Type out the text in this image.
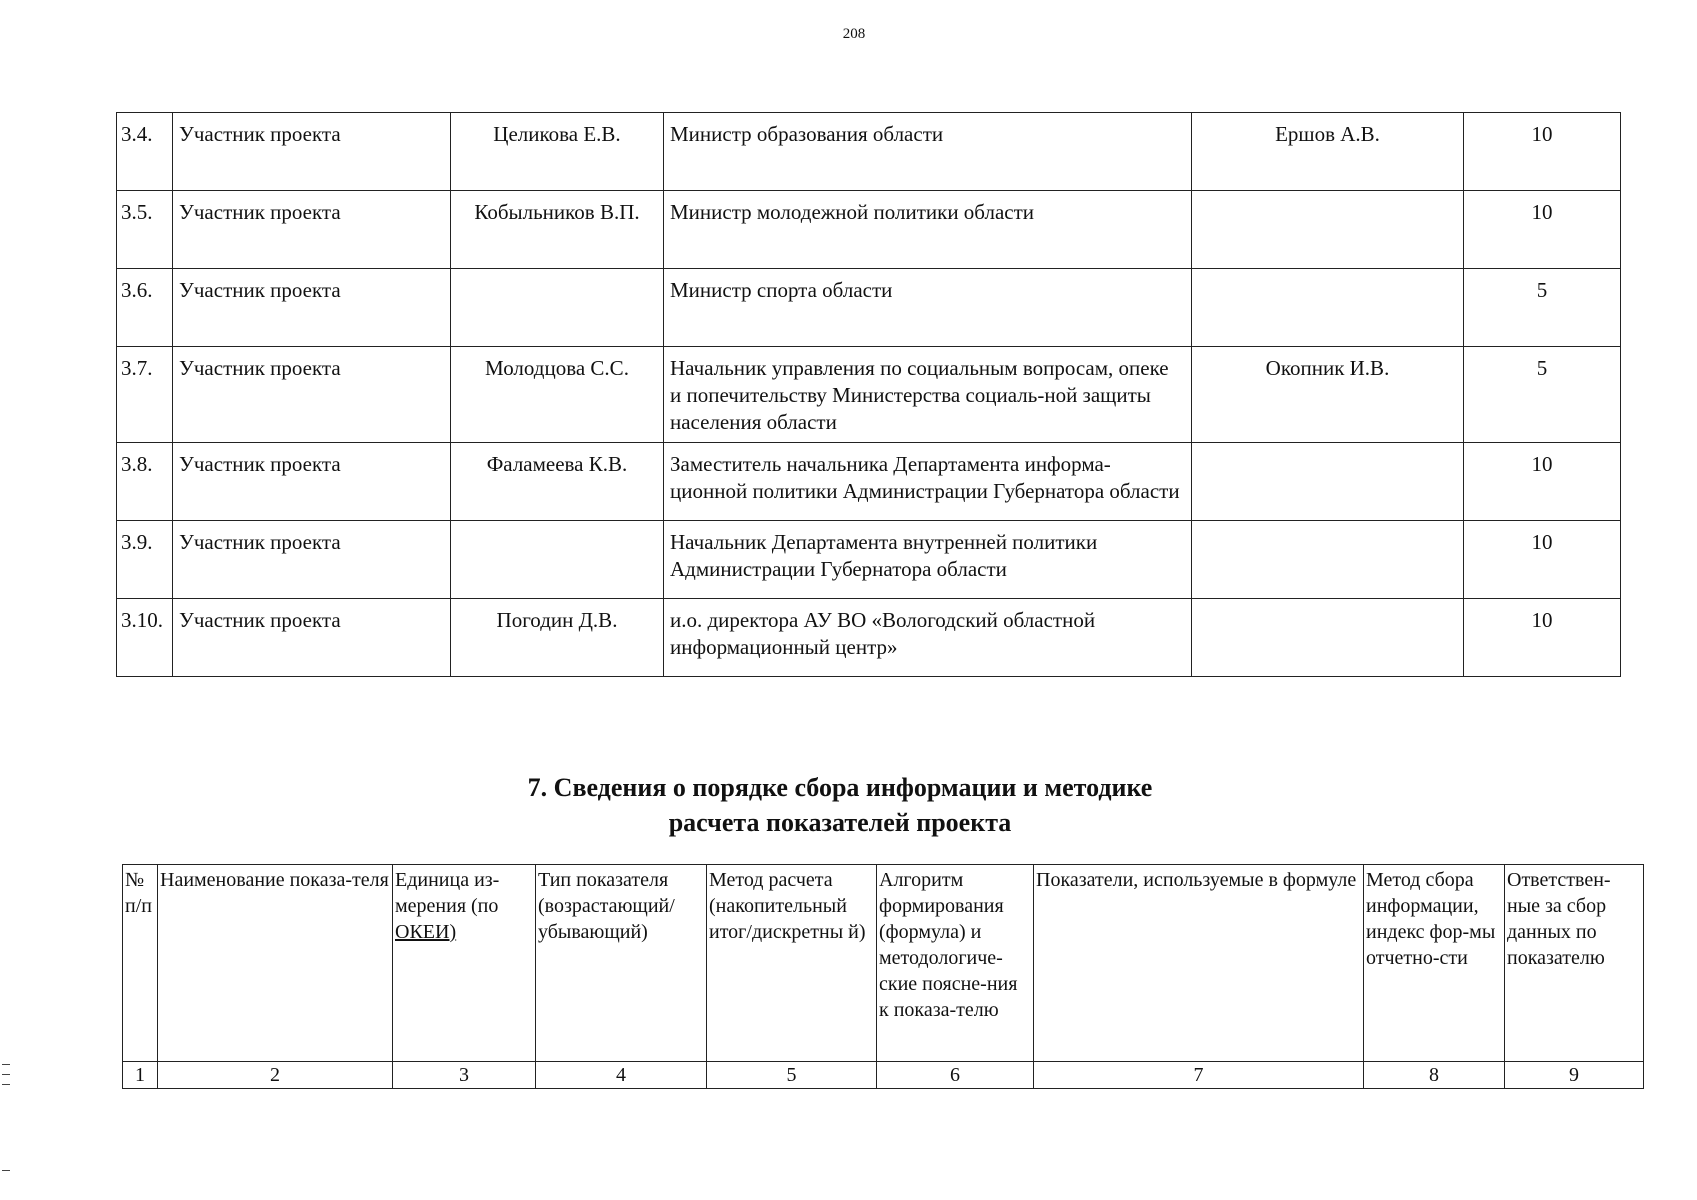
208
3.4.	Участник проекта	Целикова Е.В.	Министр образования области	Ершов А.В.	10
3.5.	Участник проекта	Кобыльников В.П.	Министр молодежной политики области		10
3.6.	Участник проекта		Министр спорта области		5
3.7.	Участник проекта	Молодцова С.С.	Начальник управления по социальным вопросам, опеке и попечительству Министерства социаль-ной защиты населения области	Окопник И.В.	5
3.8.	Участник проекта	Фаламеева К.В.	Заместитель начальника Департамента информа-ционной политики Администрации Губернатора области		10
3.9.	Участник проекта		Начальник Департамента внутренней политики Администрации Губернатора области		10
3.10.	Участник проекта	Погодин Д.В.	и.о. директора АУ ВО «Вологодский областной информационный центр»		10
7. Сведения о порядке сбора информации и методике
расчета показателей проекта
№ п/п	Наименование показа-теля	Единица из-мерения (по
ОКЕИ)	Тип показателя (возрастающий/ убывающий)	Метод расчета (накопительный итог/дискретны й)	Алгоритм формирования (формула) и методологиче-ские поясне-ния к показа-телю	Показатели, используемые в формуле	Метод сбора информации, индекс фор-мы отчетно-сти	Ответствен-ные за сбор данных по показателю
1	2	3	4	5	6	7	8	9
